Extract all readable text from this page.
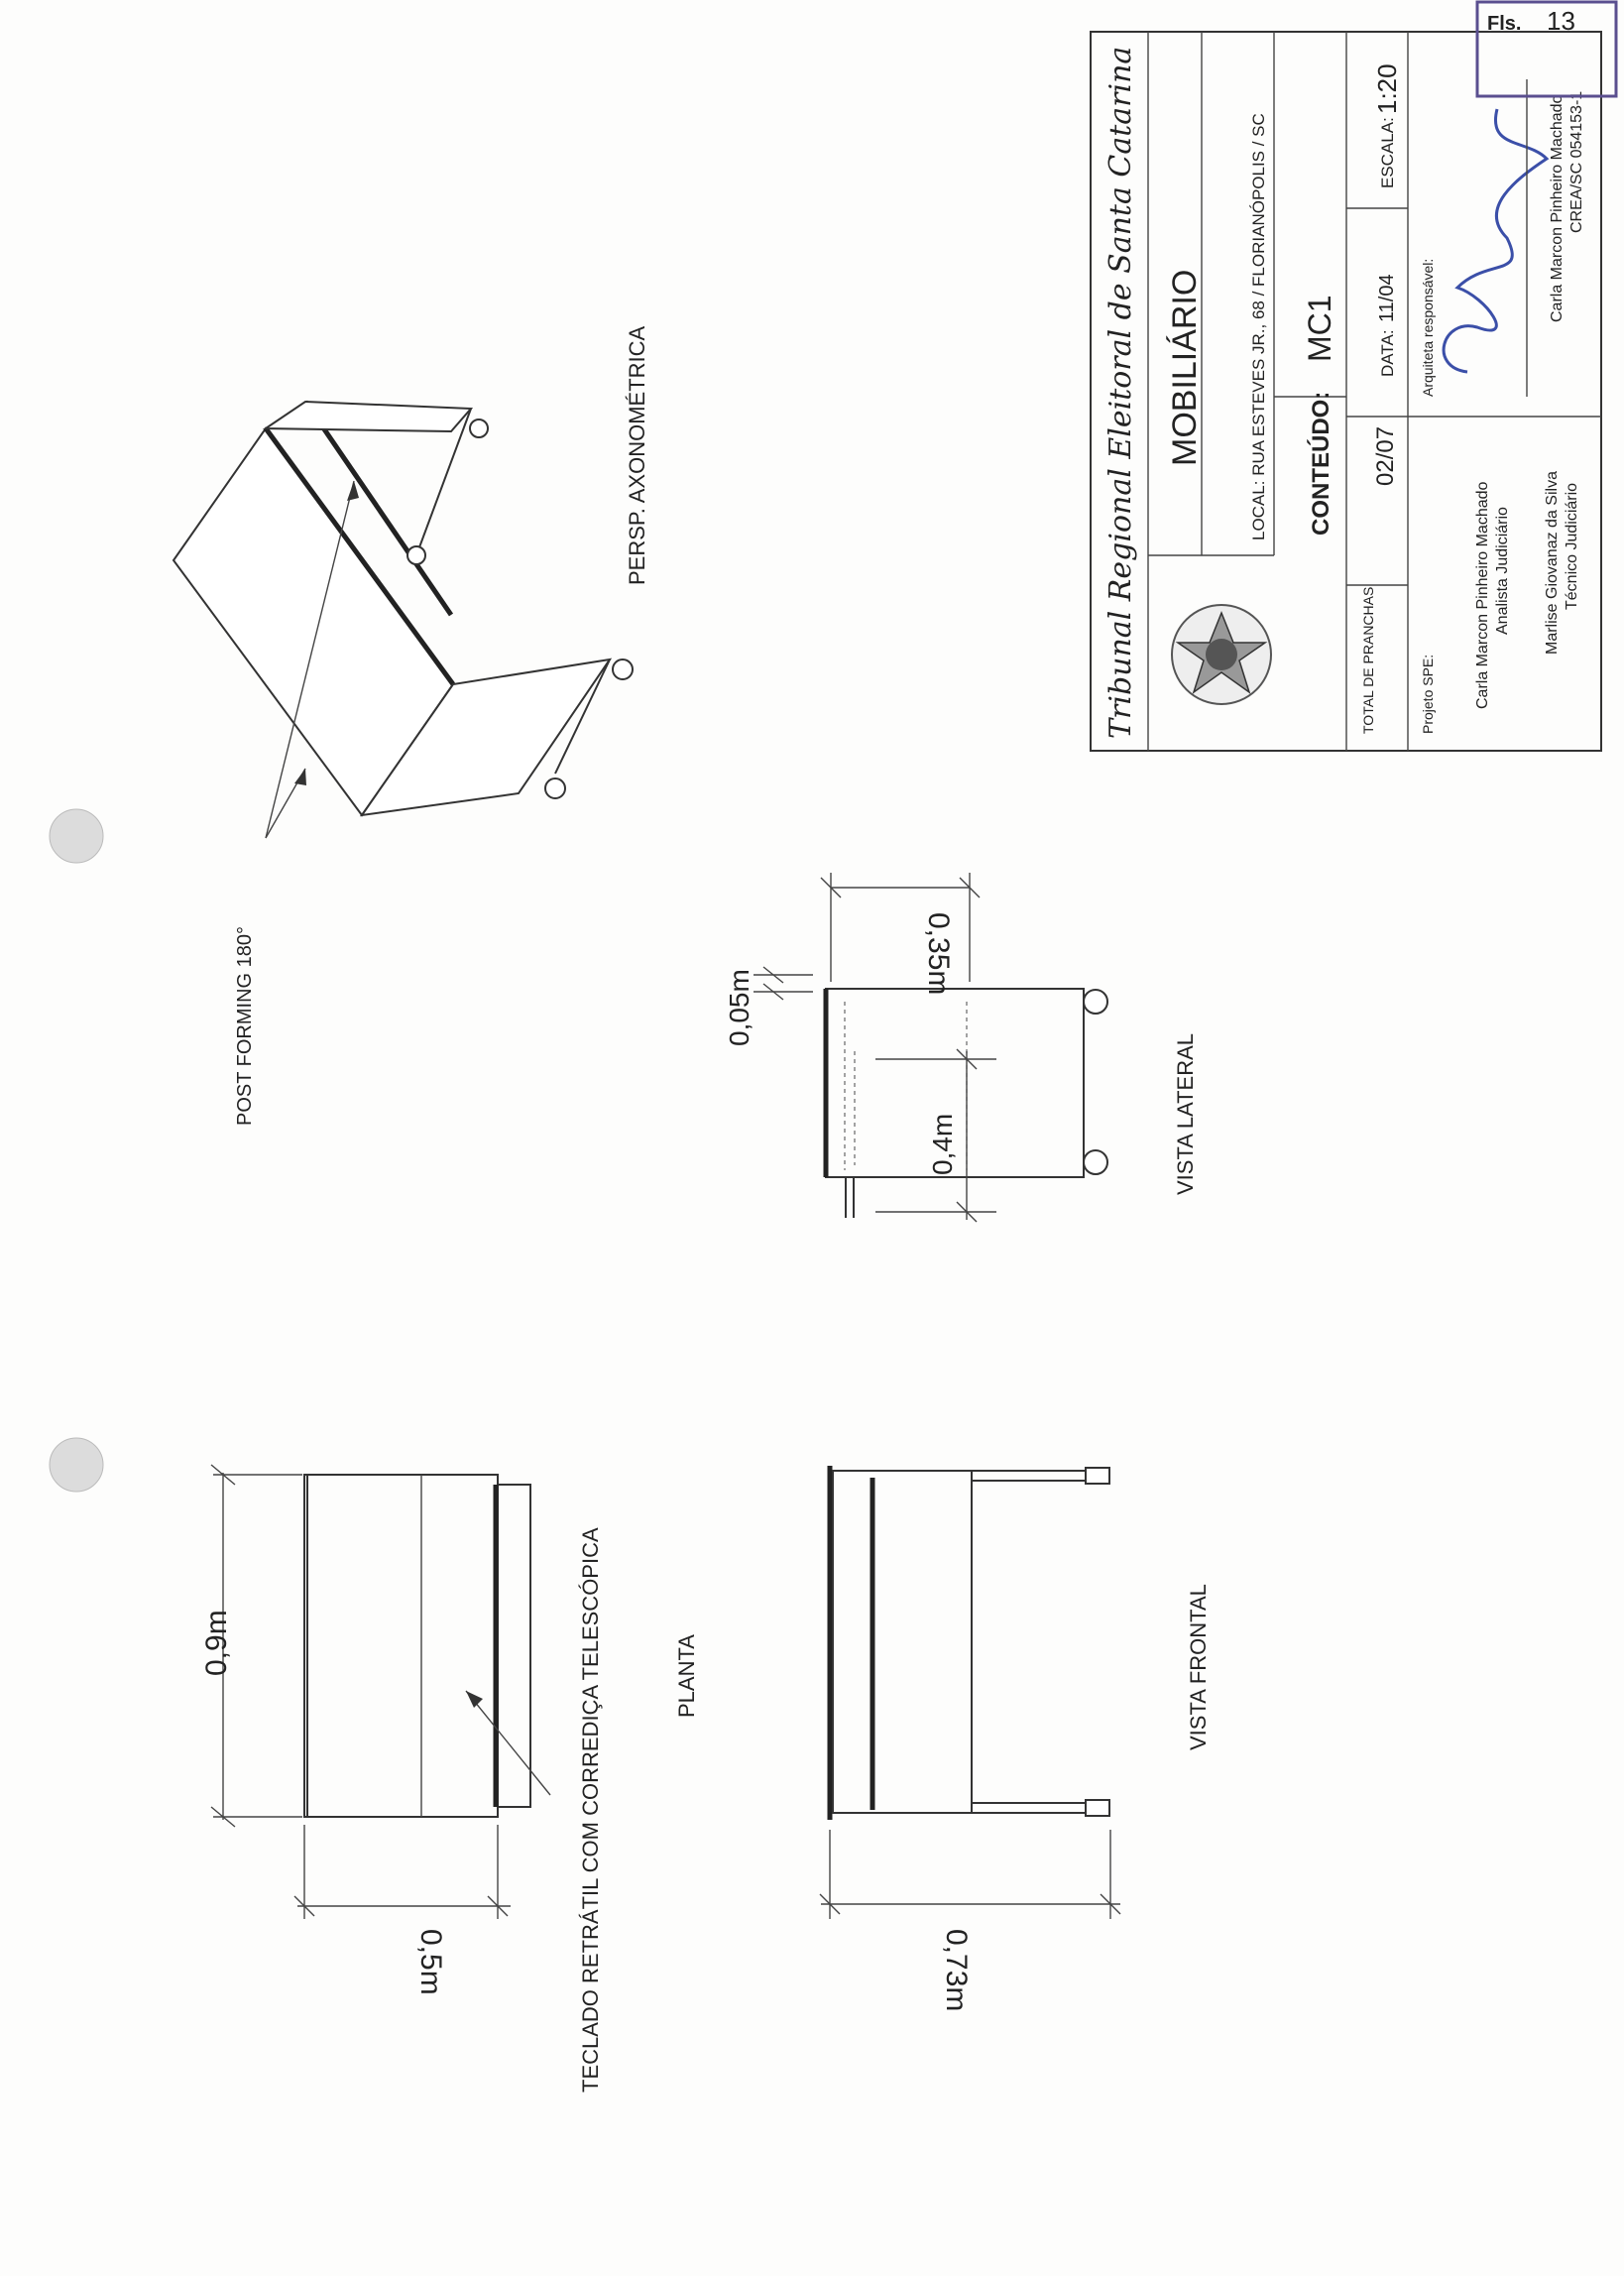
Tribunal Regional Eleitoral de Santa Catarina MOBILIÁRIO	LOCAL: RUA ESTEVES JR., 68 / FLORIANÓPOLIS / SC CONTEÚDO:
MC1
TOTAL DE PRANCHAS
02/07
DATA:
11/04
ESCALA:
1:20
Projeto SPE: Carla Marcon Pinheiro Machado Analista Judiciário Marlise Giovanaz da Silva Técnico Judiciário
Arquiteta responsável:
Carla Marcon Pinheiro Machado CREA/SC 054153-1
Fls. 13
PERSP. AXONOMÉTRICA
POST FORMING 180°	0,35m
0,05m
0,4m	VISTA LATERAL
0,9m
0,5m	TECLADO RETRÁTIL COM CORREDIÇA TELESCÓPICA	PLANTA
0,73m
VISTA FRONTAL
